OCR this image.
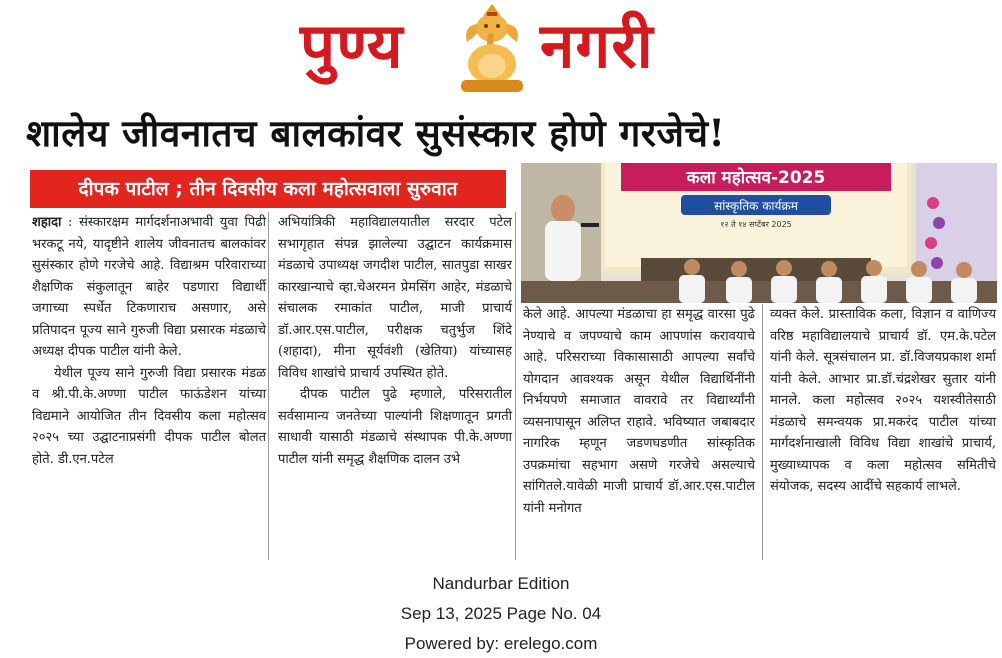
पुण्य नगरी
शालेय जीवनातच बालकांवर सुसंस्कार होणे गरजेचे!
दीपक पाटील ; तीन दिवसीय कला महोत्सवाला सुरुवात	कला महोत्सव-2025
सांस्कृतिक कार्यक्रम
१२ ते १४ सप्टेंबर 2025

शहादा : संस्कारक्षम मार्गदर्शनाअभावी युवा पिढी भरकटू नये, यादृष्टीने शालेय जीवनातच बालकांवर सुसंस्कार होणे गरजेचे आहे. विद्याश्रम परिवाराच्या शैक्षणिक संकुलातून बाहेर पडणारा विद्यार्थी जगाच्या स्पर्धेत टिकणाराच असणार, असे प्रतिपादन पूज्य साने गुरुजी विद्या प्रसारक मंडळाचे अध्यक्ष दीपक पाटील यांनी केले.

येथील पूज्य साने गुरुजी विद्या प्रसारक मंडळ व श्री.पी.के.अण्णा पाटील फाऊंडेशन यांच्या विद्यमाने आयोजित तीन दिवसीय कला महोत्सव २०२५ च्या उद्घाटनाप्रसंगी दीपक पाटील बोलत होते. डी.एन.पटेल

अभियांत्रिकी महाविद्यालयातील सरदार पटेल सभागृहात संपन्न झालेल्या उद्घाटन कार्यक्रमास मंडळाचे उपाध्यक्ष जगदीश पाटील, सातपुडा साखर कारखान्याचे व्हा.चेअरमन प्रेमसिंग आहेर, मंडळाचे संचालक रमाकांत पाटील, माजी प्राचार्य डॉ.आर.एस.पाटील, परीक्षक चतुर्भुज शिंदे (शहादा), मीना सूर्यवंशी (खेतिया) यांच्यासह विविध शाखांचे प्राचार्य उपस्थित होते.

दीपक पाटील पुढे म्हणाले, परिसरातील सर्वसामान्य जनतेच्या पाल्यांनी शिक्षणातून प्रगती साधावी यासाठी मंडळाचे संस्थापक पी.के.अण्णा पाटील यांनी समृद्ध शैक्षणिक दालन उभे

केले आहे. आपल्या मंडळाचा हा समृद्ध वारसा पुढे नेण्याचे व जपण्याचे काम आपणांस करावयाचे आहे. परिसराच्या विकासासाठी आपल्या सर्वांचे योगदान आवश्यक असून येथील विद्यार्थिनींनी निर्भयपणे समाजात वावरावे तर विद्यार्थ्यांनी व्यसनापासून अलिप्त राहावे. भविष्यात जबाबदार नागरिक म्हणून जडणघडणीत सांस्कृतिक उपक्रमांचा सहभाग असणे गरजेचे असल्याचे सांगितले.यावेळी माजी प्राचार्य डॉ.आर.एस.पाटील यांनी मनोगत

व्यक्त केले. प्रास्ताविक कला, विज्ञान व वाणिज्य वरिष्ठ महाविद्यालयाचे प्राचार्य डॉ. एम.के.पटेल यांनी केले. सूत्रसंचालन प्रा. डॉ.विजयप्रकाश शर्मा यांनी केले. आभार प्रा.डॉ.चंद्रशेखर सुतार यांनी मानले. कला महोत्सव २०२५ यशस्वीतेसाठी मंडळाचे समन्वयक प्रा.मकरंद पाटील यांच्या मार्गदर्शनाखाली विविध विद्या शाखांचे प्राचार्य, मुख्याध्यापक व कला महोत्सव समितीचे संयोजक, सदस्य आदींचे सहकार्य लाभले.

Nandurbar Edition
Sep 13, 2025 Page No. 04
Powered by: erelego.com
